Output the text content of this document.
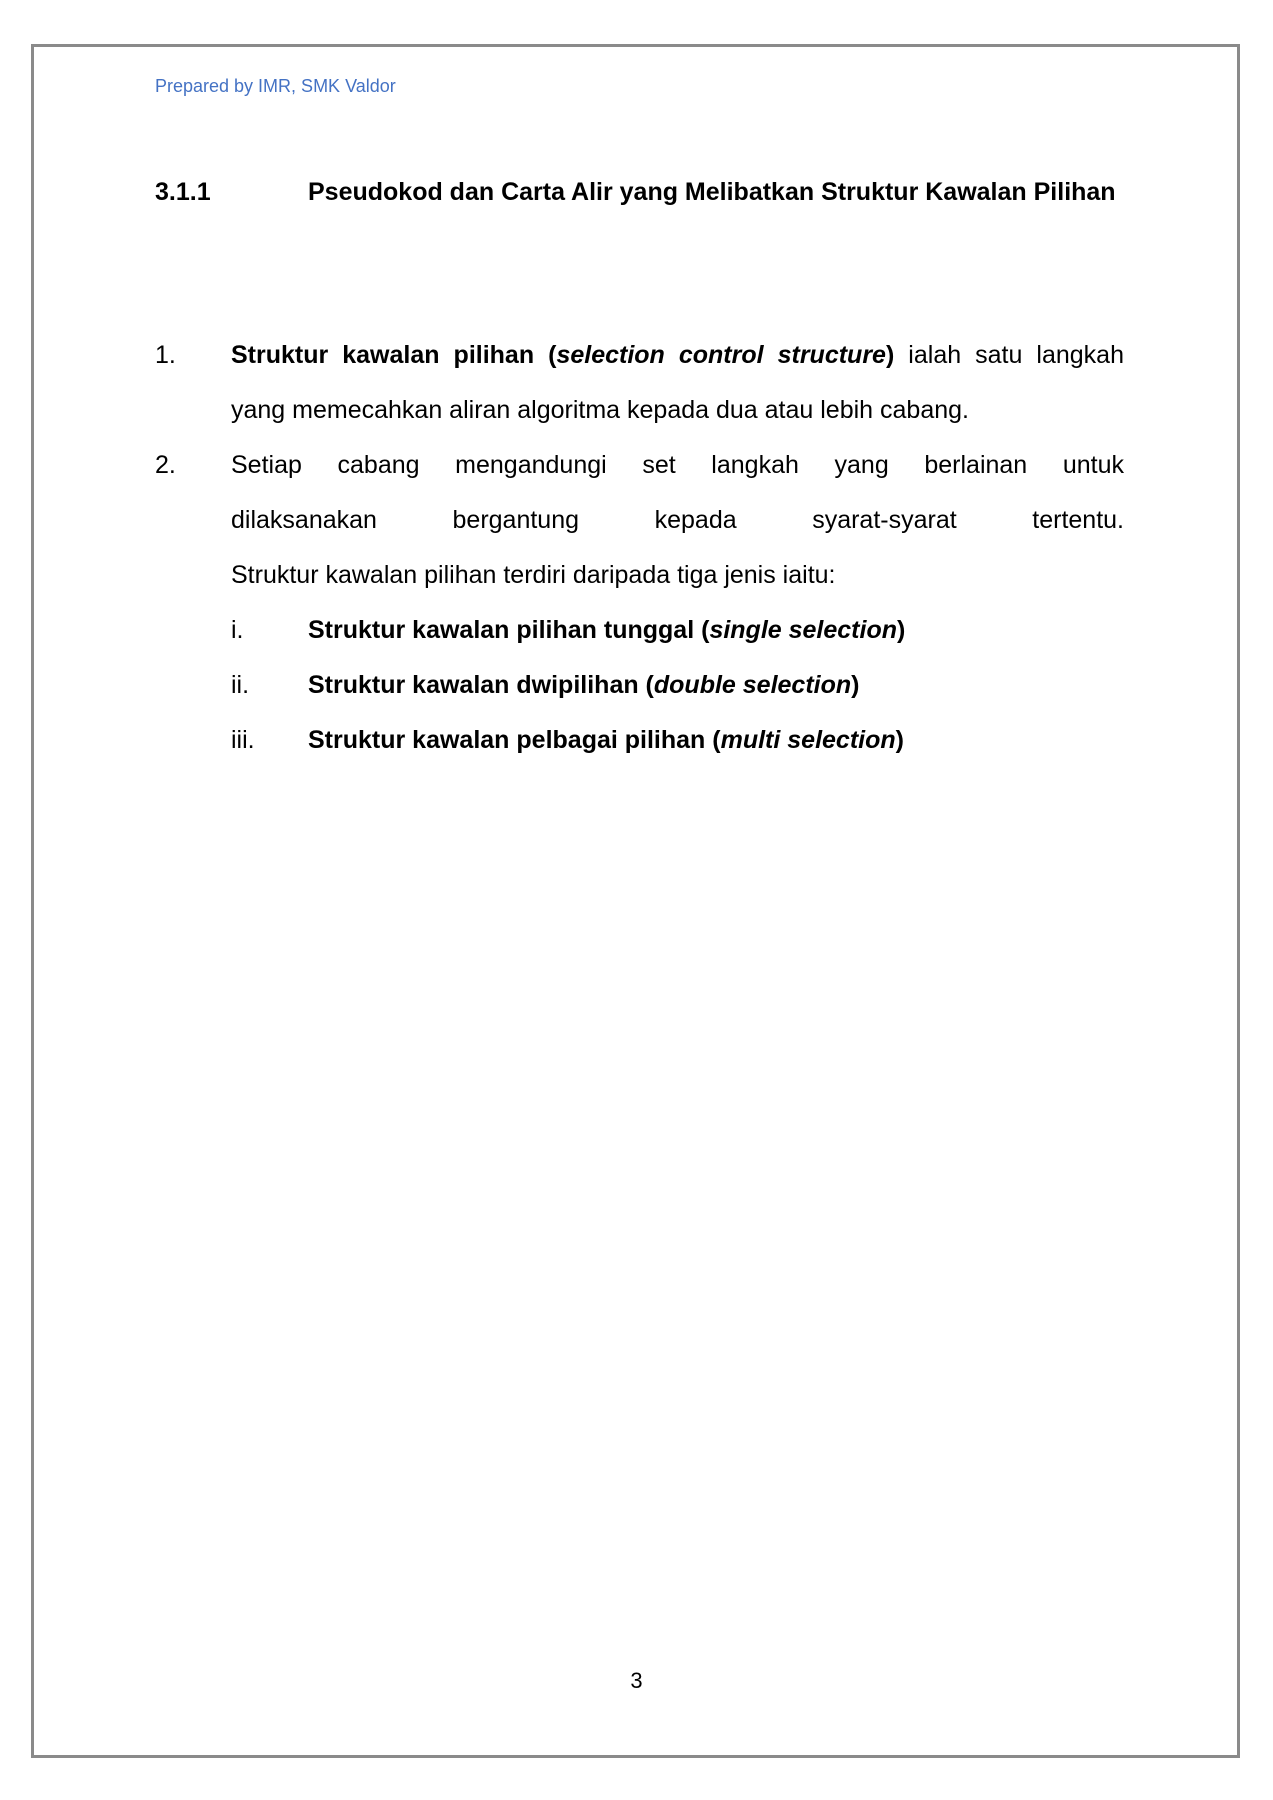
Prepared by IMR, SMK Valdor
3.1.1	Pseudokod dan Carta Alir yang Melibatkan Struktur Kawalan Pilihan
1. Struktur kawalan pilihan (selection control structure) ialah satu langkah yang memecahkan aliran algoritma kepada dua atau lebih cabang.
2. Setiap cabang mengandungi set langkah yang berlainan untuk
dilaksanakan bergantung kepada syarat-syarat tertentu.
Struktur kawalan pilihan terdiri daripada tiga jenis iaitu:
i.	Struktur kawalan pilihan tunggal (single selection)
ii. Struktur kawalan dwipilihan (double selection)
iii. Struktur kawalan pelbagai pilihan (multi selection)
3
